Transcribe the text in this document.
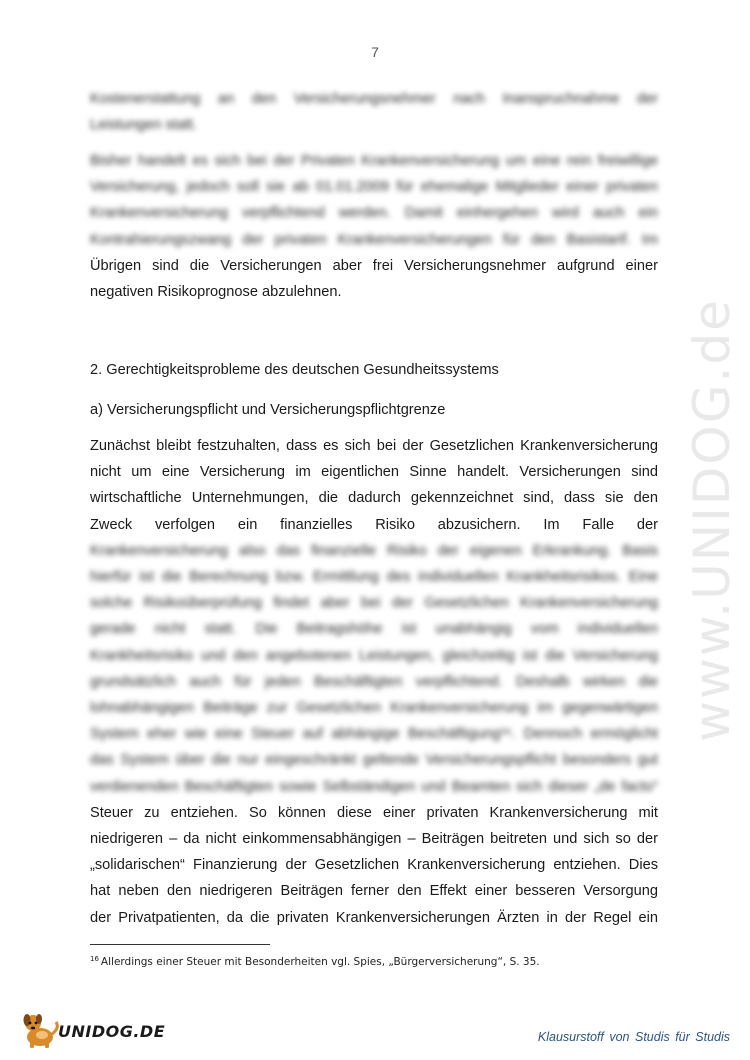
7
Kostenerstattung an den Versicherungsnehmer nach Inanspruchnahme der
Leistungen statt.
Bisher handelt es sich bei der Privaten Krankenversicherung um eine rein freiwillige
Versicherung, jedoch soll sie ab 01.01.2009 für ehemalige Mitglieder einer privaten
Krankenversicherung verpflichtend werden. Damit einhergehen wird auch ein
Kontrahierungszwang der privaten Krankenversicherungen für den Basistarif. Im
Übrigen sind die Versicherungen aber frei Versicherungsnehmer aufgrund einer
negativen Risikoprognose abzulehnen.
2. Gerechtigkeitsprobleme des deutschen Gesundheitssystems
a) Versicherungspflicht und Versicherungspflichtgrenze
Zunächst bleibt festzuhalten, dass es sich bei der Gesetzlichen Krankenversicherung
nicht um eine Versicherung im eigentlichen Sinne handelt. Versicherungen sind
wirtschaftliche Unternehmungen, die dadurch gekennzeichnet sind, dass sie den
Zweck verfolgen ein finanzielles Risiko abzusichern. Im Falle der
Krankenversicherung also das finanzielle Risiko der eigenen Erkrankung. Basis
hierfür ist die Berechnung bzw. Ermittlung des individuellen Krankheitsrisikos. Eine
solche Risikoüberprüfung findet aber bei der Gesetzlichen Krankenversicherung
gerade nicht statt. Die Beitragshöhe ist unabhängig vom individuellen
Krankheitsrisiko und den angebotenen Leistungen, gleichzeitig ist die Versicherung
grundsätzlich auch für jeden Beschäftigten verpflichtend. Deshalb wirken die
lohnabhängigen Beiträge zur Gesetzlichen Krankenversicherung im gegenwärtigen
System eher wie eine Steuer auf abhängige Beschäftigung¹⁶. Dennoch ermöglicht
das System über die nur eingeschränkt geltende Versicherungspflicht besonders gut
verdienenden Beschäftigten sowie Selbständigen und Beamten sich dieser „de facto“
Steuer zu entziehen. So können diese einer privaten Krankenversicherung mit
niedrigeren – da nicht einkommensabhängigen – Beiträgen beitreten und sich so der
„solidarischen“ Finanzierung der Gesetzlichen Krankenversicherung entziehen. Dies
hat neben den niedrigeren Beiträgen ferner den Effekt einer besseren Versorgung
der Privatpatienten, da die privaten Krankenversicherungen Ärzten in der Regel ein
$^{16}$ Allerdings einer Steuer mit Besonderheiten vgl. Spies, „Bürgerversicherung“, S. 35.
www.UNIDOG.de
UNIDOG.DE	Klausurstoff von Studis für Studis
